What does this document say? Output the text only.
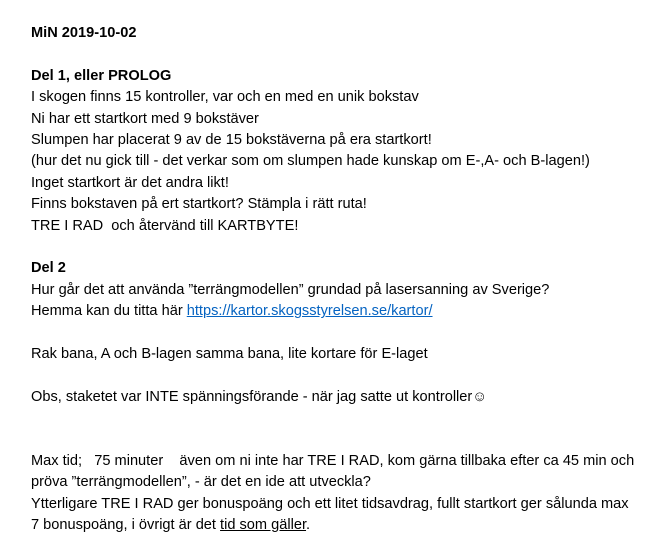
MiN 2019-10-02
Del 1, eller PROLOG
I skogen finns 15 kontroller, var och en med en unik bokstav
Ni har ett startkort med 9 bokstäver
Slumpen har placerat 9 av de 15 bokstäverna på era startkort!
(hur det nu gick till - det verkar som om slumpen hade kunskap om E-,A- och B-lagen!)
Inget startkort är det andra likt!
Finns bokstaven på ert startkort? Stämpla i rätt ruta!
TRE I RAD  och återvänd till KARTBYTE!
Del 2
Hur går det att använda ”terrängmodellen” grundad på lasersanning av Sverige?
Hemma kan du titta här https://kartor.skogsstyrelsen.se/kartor/
Rak bana, A och B-lagen samma bana, lite kortare för E-laget
Obs, staketet var INTE spänningsförande - när jag satte ut kontroller☺
Max tid;   75 minuter    även om ni inte har TRE I RAD, kom gärna tillbaka efter ca 45 min och
pröva ”terrängmodellen”, - är det en ide att utveckla?
Ytterligare TRE I RAD ger bonuspoäng och ett litet tidsavdrag, fullt startkort ger sålunda max
7 bonuspoäng, i övrigt är det tid som gäller.
